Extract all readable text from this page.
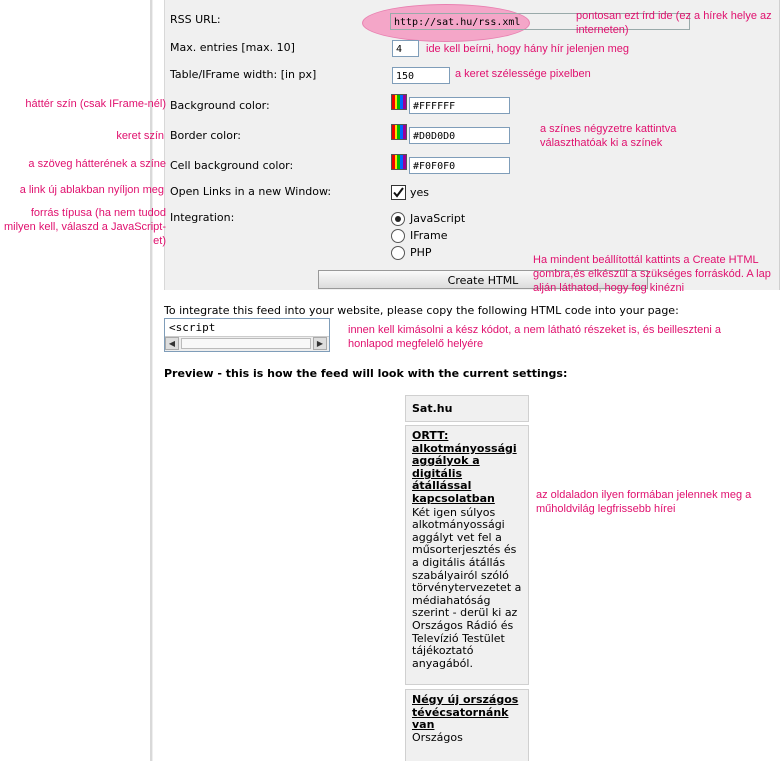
RSS URL:	http://sat.hu/rss.xml
pontosan ezt írd ide (ez a hírek helye az interneten)
Max. entries [max. 10]	4	ide kell beírni, hogy hány hír jelenjen meg
Table/IFrame width: [in px]	150	a keret szélessége pixelben
háttér szín (csak IFrame-nél) Background color:	#FFFFFF
keret szín Border color:	#D0D0D0
a színes négyzetre kattintva választhatóak ki a színek
a szöveg hátterének a színe Cell background color:	#F0F0F0
a link új ablakban nyíljon meg Open Links in a new Window:	yes
forrás típusa (ha nem tudod milyen kell, válaszd a JavaScript-et)
Integration:	JavaScript
IFrame
PHP
Create HTML
Ha mindent beállítottál kattints a Create HTML gombra,és elkészül a szükséges forráskód. A lap alján láthatod, hogy fog kinézni
To integrate this feed into your website, please copy the following HTML code into your page:
<script
◀	▶
innen kell kimásolni a kész kódot, a nem látható részeket is, és beilleszteni a honlapod megfelelő helyére
Preview - this is how the feed will look with the current settings:
Sat.hu
ORTT: alkotmányossági aggályok a digitális átállással kapcsolatban
Két igen súlyos alkotmányossági aggályt vet fel a műsorterjesztés és a digitális átállás szabályairól szóló törvénytervezetet a médiahatóság szerint - derül ki az Országos Rádió és Televízió Testület tájékoztató anyagából.
Négy új országos tévécsatornánk van
Országos
az oldaladon ilyen formában jelennek meg a műholdvilág legfrissebb hírei
